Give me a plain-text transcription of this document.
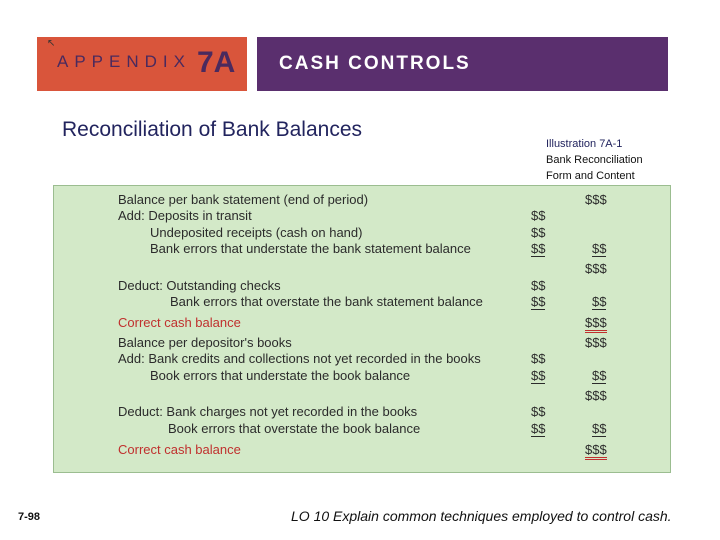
APPENDIX 7A CASH CONTROLS
↖
Reconciliation of Bank Balances
Illustration 7A-1
Bank Reconciliation
Form and Content
Balance per bank statement (end of period)	$$$
Add: Deposits in transit	$$
Undeposited receipts (cash on hand)	$$
Bank errors that understate the bank statement balance	$$	$$
$$$
Deduct: Outstanding checks	$$
Bank errors that overstate the bank statement balance	$$	$$
Correct cash balance	$$$
Balance per depositor's books	$$$
Add: Bank credits and collections not yet recorded in the books	$$
Book errors that understate the book balance	$$	$$
$$$
Deduct: Bank charges not yet recorded in the books	$$
Book errors that overstate the book balance	$$	$$
Correct cash balance	$$$
7-98	LO 10 Explain common techniques employed to control cash.
